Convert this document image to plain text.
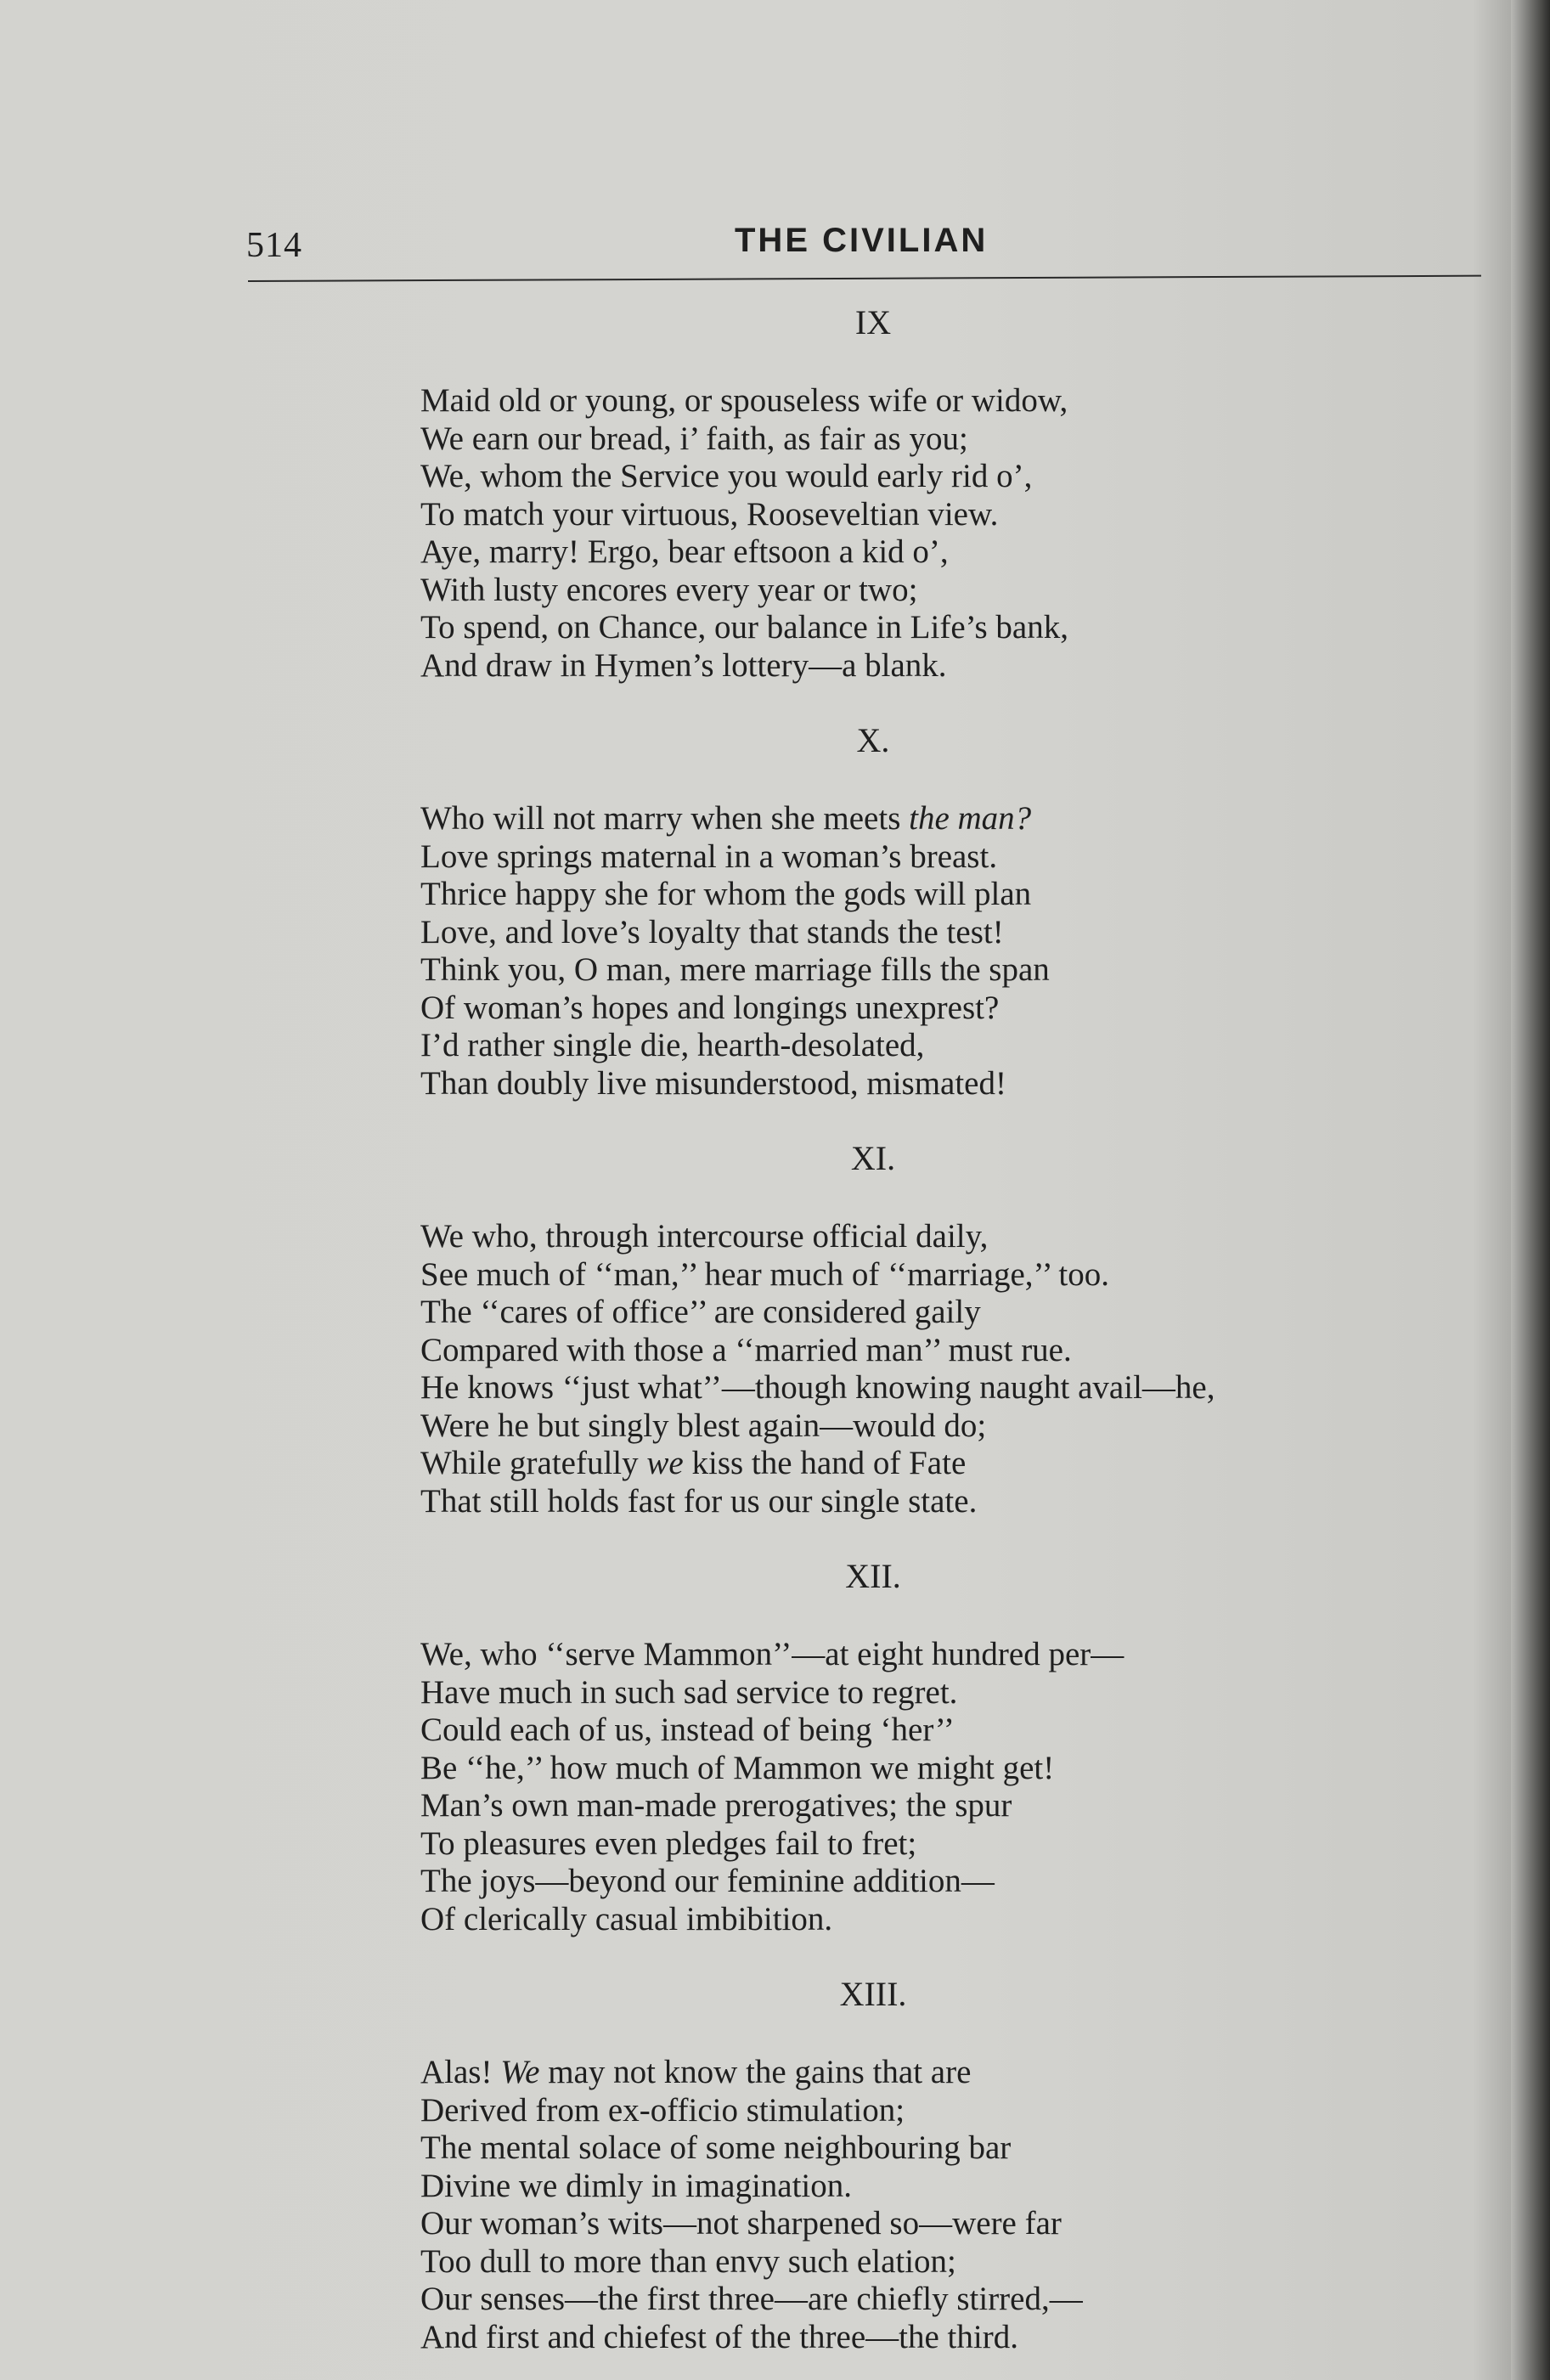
514	THE CIVILIAN
IX
Maid old or young, or spouseless wife or widow,
We earn our bread, i’ faith, as fair as you;
We, whom the Service you would early rid o’,
To match your virtuous, Rooseveltian view.
Aye, marry! Ergo, bear eftsoon a kid o’,
With lusty encores every year or two;
To spend, on Chance, our balance in Life’s bank,
And draw in Hymen’s lottery—a blank.
X.
Who will not marry when she meets the man?
Love springs maternal in a woman’s breast.
Thrice happy she for whom the gods will plan
Love, and love’s loyalty that stands the test!
Think you, O man, mere marriage fills the span
Of woman’s hopes and longings unexprest?
I’d rather single die, hearth-desolated,
Than doubly live misunderstood, mismated!
XI.
We who, through intercourse official daily,
See much of ‘‘man,’’ hear much of ‘‘marriage,’’ too.
The ‘‘cares of office’’ are considered gaily
Compared with those a ‘‘married man’’ must rue.
He knows ‘‘just what’’—though knowing naught avail—he,
Were he but singly blest again—would do;
While gratefully we kiss the hand of Fate
That still holds fast for us our single state.
XII.
We, who ‘‘serve Mammon’’—at eight hundred per—
Have much in such sad service to regret.
Could each of us, instead of being ‘her’’
Be ‘‘he,’’ how much of Mammon we might get!
Man’s own man-made prerogatives; the spur
To pleasures even pledges fail to fret;
The joys—beyond our feminine addition—
Of clerically casual imbibition.
XIII.
Alas! We may not know the gains that are
Derived from ex-officio stimulation;
The mental solace of some neighbouring bar
Divine we dimly in imagination.
Our woman’s wits—not sharpened so—were far
Too dull to more than envy such elation;
Our senses—the first three—are chiefly stirred,—
And first and chiefest of the three—the third.
